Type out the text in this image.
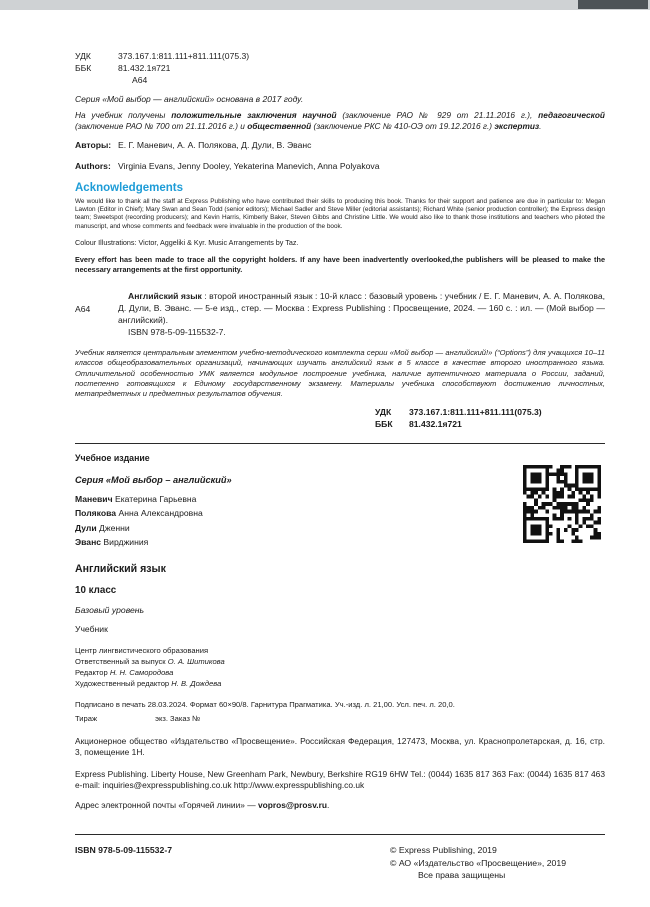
УДК	373.167.1:811.111+811.111(075.3)
ББК	81.432.1я721
А64
Серия «Мой выбор — английский» основана в 2017 году.
На учебник получены положительные заключения научной (заключение РАО № 929 от 21.11.2016 г.), педагогической (заключение РАО № 700 от 21.11.2016 г.) и общественной (заключение РКС № 410-ОЭ от 19.12.2016 г.) экспертиз.
Авторы: Е. Г. Маневич, А. А. Полякова, Д. Дули, В. Эванс
Authors: Virginia Evans, Jenny Dooley, Yekaterina Manevich, Anna Polyakova
Acknowledgements
We would like to thank all the staff at Express Publishing who have contributed their skills to producing this book. Thanks for their support and patience are due in particular to: Megan Lawton (Editor in Chief); Mary Swan and Sean Todd (senior editors); Michael Sadler and Steve Miller (editorial assistants); Richard White (senior production controller); the Express design team; Sweetspot (recording producers); and Kevin Harris, Kimberly Baker, Steven Gibbs and Christine Little. We would also like to thank those institutions and teachers who piloted the manuscript, and whose comments and feedback were invaluable in the production of the book.
Colour Illustrations: Victor, Aggeliki & Kyr. Music Arrangements by Taz.
Every effort has been made to trace all the copyright holders. If any have been inadvertently overlooked,the publishers will be pleased to make the necessary arrangements at the first opportunity.
А64
Английский язык : второй иностранный язык : 10-й класс : базовый уровень : учебник / Е. Г. Маневич, А. А. Полякова, Д. Дули, В. Эванс. — 5-е изд., стер. — Москва : Express Publishing : Просвещение, 2024. — 160 с. : ил. — (Мой выбор — английский).
ISBN 978-5-09-115532-7.
Учебник является центральным элементом учебно-методического комплекта серии «Мой выбор — английский!» (“Options”) для учащихся 10–11 классов общеобразовательных организаций, начинающих изучать английский язык в 5 классе в качестве второго иностранного языка. Отличительной особенностью УМК является модульное построение учебника, наличие аутентичного материала о России, заданий, постепенно готовящихся к Единому государственному экзамену. Материалы учебника способствуют достижению личностных, метапредметных и предметных результатов обучения.
УДК	373.167.1:811.111+811.111(075.3)
ББК	81.432.1я721
Учебное издание
Серия «Мой выбор – английский»
Маневич Екатерина Гарьевна
Полякова Анна Александровна
Дули Дженни
Эванс Вирджиния
Английский язык
10 класс
Базовый уровень
Учебник
Центр лингвистического образования
Ответственный за выпуск О. А. Шитикова
Редактор Н. Н. Самородова
Художественный редактор Н. В. Дождева
Подписано в печать 28.03.2024. Формат 60×90/8. Гарнитура Прагматика. Уч.-изд. л. 21,00. Усл. печ. л. 20,0.
Тираж	экз. Заказ №
Акционерное общество «Издательство «Просвещение». Российская Федерация, 127473, Москва, ул. Краснопролетарская, д. 16, стр. 3, помещение 1Н.
Express Publishing. Liberty House, New Greenham Park, Newbury, Berkshire RG19 6HW Tel.: (0044) 1635 817 363 Fax: (0044) 1635 817 463 e-mail: inquiries@expresspublishing.co.uk http://www.expresspublishing.co.uk
Адрес электронной почты «Горячей линии» — vopros@prosv.ru.
ISBN 978-5-09-115532-7	© Express Publishing, 2019
© АО «Издательство «Просвещение», 2019
Все права защищены
